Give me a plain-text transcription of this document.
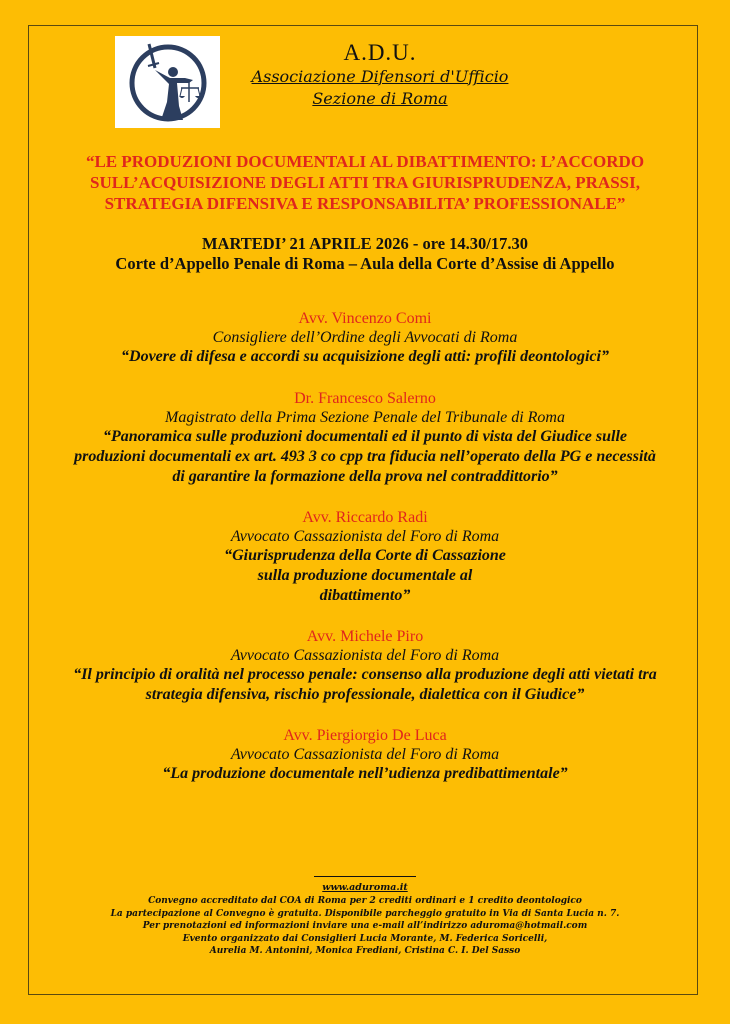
A.D.U.
Associazione Difensori d'Ufficio
Sezione di Roma
“LE PRODUZIONI DOCUMENTALI AL DIBATTIMENTO: L’ACCORDO SULL’ACQUISIZIONE DEGLI ATTI TRA GIURISPRUDENZA, PRASSI, STRATEGIA DIFENSIVA E RESPONSABILITA’ PROFESSIONALE”
MARTEDI’ 21 APRILE 2026 - ore 14.30/17.30
Corte d’Appello Penale di Roma – Aula della Corte d’Assise di Appello
Avv. Vincenzo Comi
Consigliere dell’Ordine degli Avvocati di Roma
“Dovere di difesa e accordi su acquisizione degli atti: profili deontologici”
Dr. Francesco Salerno
Magistrato della Prima Sezione Penale del Tribunale di Roma
“Panoramica sulle produzioni documentali ed il punto di vista del Giudice sulle produzioni documentali ex art. 493 3 co cpp tra fiducia nell’operato della PG e necessità di garantire la formazione della prova nel contraddittorio”
Avv. Riccardo Radi
Avvocato Cassazionista del Foro di Roma
“Giurisprudenza della Corte di Cassazione sulla produzione documentale al dibattimento”
Avv. Michele Piro
Avvocato Cassazionista del Foro di Roma
“Il principio di oralità nel processo penale: consenso alla produzione degli atti vietati tra strategia difensiva, rischio professionale, dialettica con il Giudice”
Avv. Piergiorgio De Luca
Avvocato Cassazionista del Foro di Roma
“La produzione documentale nell’udienza predibattimentale”
www.aduroma.it
Convegno accreditato dal COA di Roma per 2 crediti ordinari e 1 credito deontologico
La partecipazione al Convegno è gratuita. Disponibile parcheggio gratuito in Via di Santa Lucia n. 7.
Per prenotazioni ed informazioni inviare una e-mail all’indirizzo aduroma@hotmail.com
Evento organizzato dai Consiglieri Lucia Morante, M. Federica Soricelli,
Aurelia M. Antonini, Monica Frediani, Cristina C. I. Del Sasso
